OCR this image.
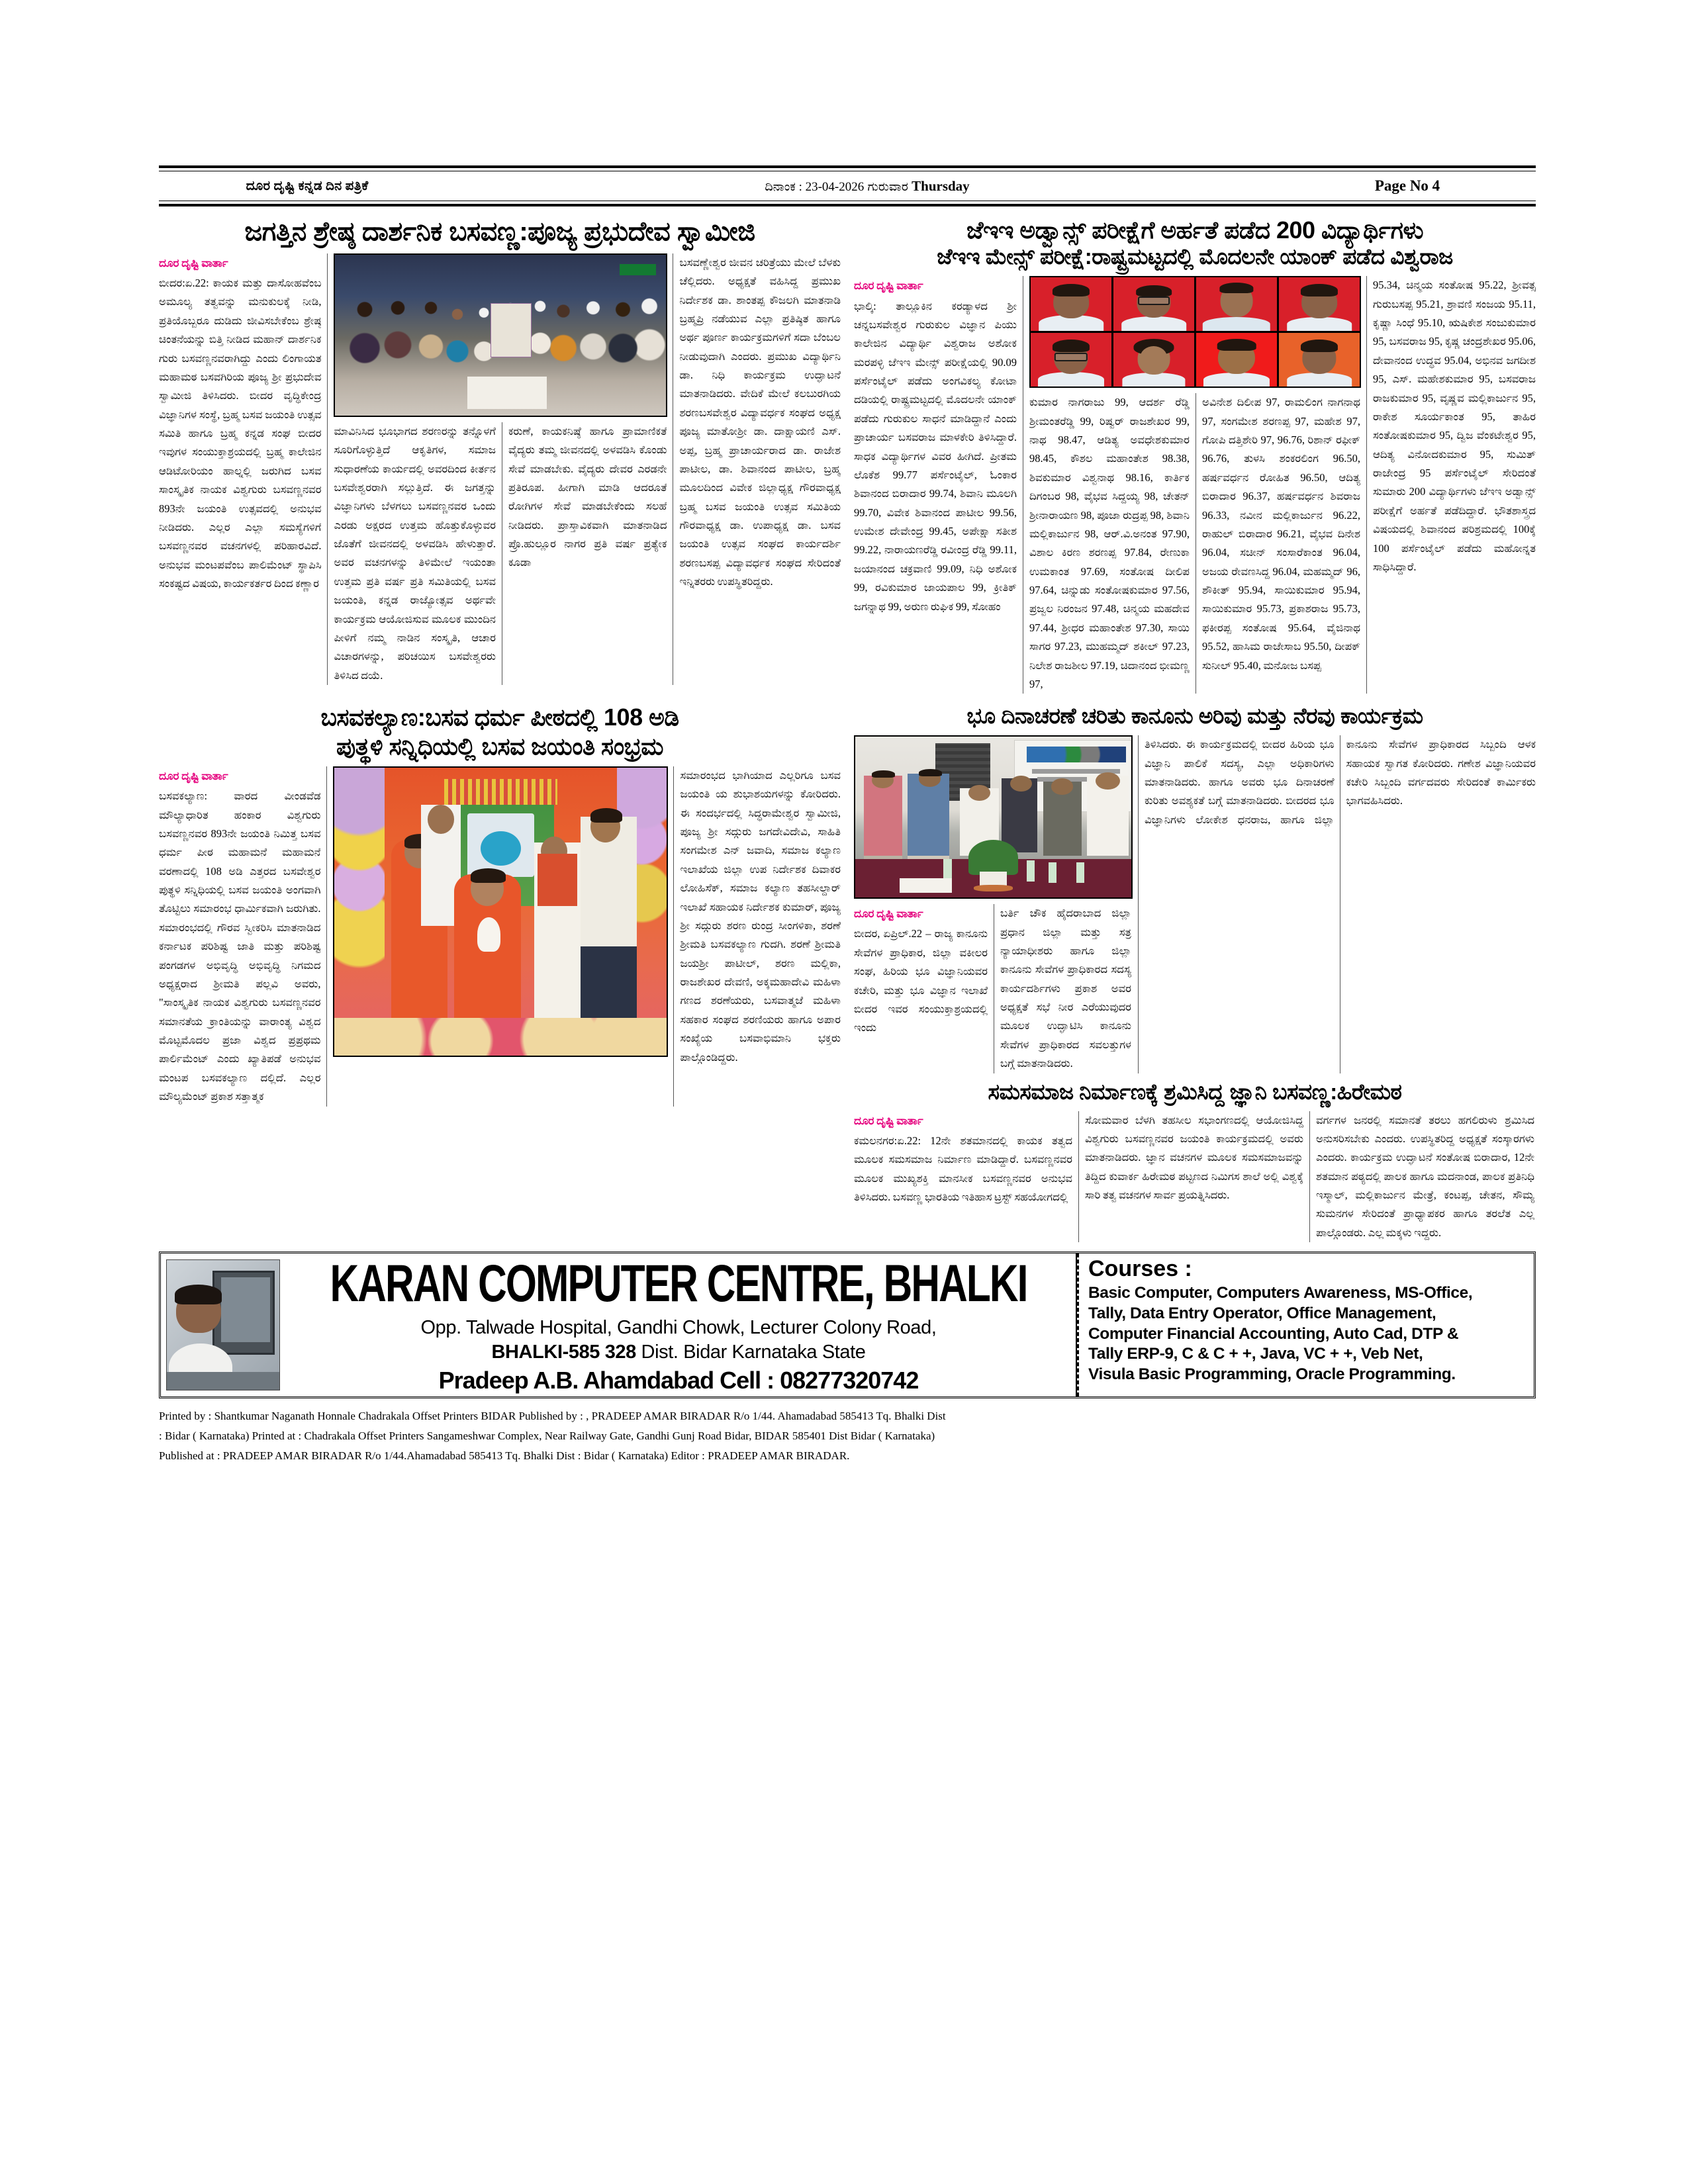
ದೂರ ದೃಷ್ಟಿ ಕನ್ನಡ ದಿನ ಪತ್ರಿಕೆ	ದಿನಾಂಕ : 23-04-2026 ಗುರುವಾರ Thursday	Page No 4
ಜಗತ್ತಿನ ಶ್ರೇಷ್ಠ ದಾರ್ಶನಿಕ ಬಸವಣ್ಣ:ಪೂಜ್ಯ ಪ್ರಭುದೇವ ಸ್ವಾಮೀಜಿ
ದೂರ ದೃಷ್ಟಿ ವಾರ್ತಾ
ಬೀದರ:ಏ.22: ಕಾಯಕ ಮತ್ತು ದಾಸೋಹವೆಂಬ ಅಮೂಲ್ಯ ತತ್ವವನ್ನು ಮನುಕುಲಕ್ಕೆ ನೀಡಿ, ಪ್ರತಿಯೊಬ್ಬರೂ ದುಡಿದು ಜೀವಿಸಬೇಕೆಂಬ ಶ್ರೇಷ್ಠ ಚಿಂತನೆಯನ್ನು ಬಿತ್ತಿ ನೀಡಿದ ಮಹಾನ್ ದಾರ್ಶನಿಕ ಗುರು ಬಸವಣ್ಣನವರಾಗಿದ್ದು ಎಂದು ಲಿಂಗಾಯತ ಮಹಾಮಠ ಬಸವಗಿರಿಯ ಪೂಜ್ಯ ಶ್ರೀ ಪ್ರಭುದೇವ ಸ್ವಾಮೀಜಿ ತಿಳಿಸಿದರು. ಬೀದರ ವೃದ್ಧಿಕೇಂದ್ರ ವಿಜ್ಞಾನಿಗಳ ಸಂಸ್ಥೆ, ಬ್ರಹ್ಮ ಬಸವ ಜಯಂತಿ ಉತ್ಸವ ಸಮಿತಿ ಹಾಗೂ ಬ್ರಹ್ಮ ಕನ್ನಡ ಸಂಘ ಬೀದರ ಇವುಗಳ ಸಂಯುಕ್ತಾಶ್ರಯದಲ್ಲಿ ಬ್ರಹ್ಮ ಕಾಲೇಜಿನ ಆಡಿಟೋರಿಯಂ ಹಾಲ್ನಲ್ಲಿ ಜರುಗಿದ ಬಸವ ಸಾಂಸ್ಕೃತಿಕ ನಾಯಕ ವಿಶ್ವಗುರು ಬಸವಣ್ಣನವರ 893ನೇ ಜಯಂತಿ ಉತ್ಸವದಲ್ಲಿ ಅನುಭವ ನೀಡಿದರು. ಎಲ್ಲರ ಎಲ್ಲಾ ಸಮಸ್ಯೆಗಳಿಗೆ ಬಸವಣ್ಣನವರ ವಚನಗಳಲ್ಲಿ ಪರಿಹಾರವಿದೆ. ಅನುಭವ ಮಂಟಪವೆಂಬ ಪಾಲಿಮೆಂಟ್ ಸ್ಥಾಪಿಸಿ ಸಂಕಷ್ಟದ ವಿಷಯ, ಕಾರ್ಯಕರ್ತರ ದಿಂದ ಕಣ್ಣಾರ
ಮಾವಿನಿಸಿದ ಭೂಭಾಗದ ಶರಣರನ್ನು ತನ್ನೊಳಗೆ ಸೂರಿಗೊಳ್ಳುತ್ತಿದೆ ಆಕೃತಿಗಳ, ಸಮಾಜ ಸುಧಾರಣೆಯ ಕಾರ್ಯದಲ್ಲಿ ಅವರದಿಂದ ಕೀರ್ತನ ಬಸವೇಶ್ವರರಾಗಿ ಸಲ್ಲುತ್ತಿದೆ. ಈ ಜಗತ್ತನ್ನು ವಿಜ್ಞಾನಿಗಳು ಬೆಳಗಲು ಬಸವಣ್ಣನವರ ಒಂದು ಎರಡು ಅಕ್ಷರದ ಉತ್ತಮ ಹೊತ್ತುಕೊಳ್ಳುವರ ಜೊತೆಗೆ ಜೀವನದಲ್ಲಿ ಅಳವಡಿಸಿ ಹೇಳುತ್ತಾರೆ. ಅವರ ವಚನಗಳನ್ನು ತಿಳಿಮೇಲೆ ಇಯಂತಾ ಉತ್ತಮ ಪ್ರತಿ ವರ್ಷ ಪ್ರತಿ ಸಮಿತಿಯಲ್ಲಿ ಬಸವ ಜಯಂತಿ, ಕನ್ನಡ ರಾಜ್ಯೋತ್ಸವ ಅರ್ಥವೇ ಕಾರ್ಯಕ್ರಮ ಆಯೋಜಿಸುವ ಮೂಲಕ ಮುಂದಿನ ಪೀಳಿಗೆ ನಮ್ಮ ನಾಡಿನ ಸಂಸ್ಕೃತಿ, ಆಚಾರ ವಿಚಾರಗಳನ್ನು, ಪರಿಚಯಿಸ ಬಸವೇಶ್ವರರು ತಿಳಿಸಿದ ದಯೆ.
ಕರುಣೆ, ಕಾಯಕನಿಷ್ಠೆ ಹಾಗೂ ಪ್ರಾಮಾಣಿಕತೆ ವೈದ್ಯರು ತಮ್ಮ ಜೀವನದಲ್ಲಿ ಅಳವಡಿಸಿ ಕೊಂಡು ಸೇವೆ ಮಾಡಬೇಕು. ವೈದ್ಯರು ದೇವರ ಎರಡನೇ ಪ್ರತಿರೂಪ. ಹೀಗಾಗಿ ಮಾಡಿ ಆದರೂತೆ ರೋಗಿಗಳ ಸೇವೆ ಮಾಡಬೇಕೆಂದು ಸಲಹೆ ನೀಡಿದರು. ಪ್ರಾಸ್ತಾವಿಕವಾಗಿ ಮಾತನಾಡಿದ ಪ್ರೊ.ಹುಲ್ಲೂರ ನಾಗರ ಪ್ರತಿ ವರ್ಷ ಪ್ರತ್ಯೇಕ ಕೂಡಾ
ಬಸವಣ್ಣೇಶ್ವರ ಜೀವನ ಚರಿತ್ರೆಯು ಮೇಲೆ ಬೆಳಕು ಚೆಲ್ಲಿದರು. ಅಧ್ಯಕ್ಷತೆ ವಹಿಸಿದ್ದ ಪ್ರಮುಖ ನಿರ್ದೇಶಕ ಡಾ. ಶಾಂತಪ್ಪ ಕೌಜಲಗಿ ಮಾತನಾಡಿ ಬ್ರಹ್ಮಪ್ರಿ ನಡೆಯುವ ಎಲ್ಲಾ ಪ್ರತಿಷ್ಠಿತ ಹಾಗೂ ಅರ್ಥ ಪೂರ್ಣ ಕಾರ್ಯಕ್ರಮಗಳಿಗೆ ಸದಾ ಬೆಂಬಲ ನೀಡುವುದಾಗಿ ಎಂದರು. ಪ್ರಮುಖ ವಿದ್ಯಾರ್ಥಿನಿ ಡಾ. ನಿಧಿ ಕಾರ್ಯಕ್ರಮ ಉದ್ಘಾಟನೆ ಮಾತನಾಡಿದರು. ವೇದಿಕೆ ಮೇಲೆ ಕಲಬುರಗಿಯ ಶರಣಬಸವೇಶ್ವರ ವಿದ್ಯಾವರ್ಧಕ ಸಂಘದ ಅಧ್ಯಕ್ಷ ಪೂಜ್ಯ ಮಾತೋಶ್ರೀ ಡಾ. ದಾಕ್ಷಾಯಣಿ ಎಸ್. ಅಪ್ಪ, ಬ್ರಹ್ಮ ಪ್ರಾಚಾರ್ಯರಾದ ಡಾ. ರಾಜೇಶ ಪಾಟೀಲ, ಡಾ. ಶಿವಾನಂದ ಪಾಟೀಲ, ಬ್ರಹ್ಮ ಮೂಲದಿಂದ ವಿವೇಕ ಜಿಲ್ಲಾಧ್ಯಕ್ಷ ಗೌರವಾಧ್ಯಕ್ಷ ಬ್ರಹ್ಮ ಬಸವ ಜಯಂತಿ ಉತ್ಸವ ಸಮಿತಿಯ ಗೌರವಾಧ್ಯಕ್ಷ ಡಾ. ಉಪಾಧ್ಯಕ್ಷ ಡಾ. ಬಸವ ಜಯಂತಿ ಉತ್ಸವ ಸಂಘದ ಕಾರ್ಯದರ್ಶಿ ಶರಣಬಸಪ್ಪ ವಿದ್ಯಾವರ್ಧಕ ಸಂಘದ ಸೇರಿದಂತೆ ಇನ್ನಿತರರು ಉಪಸ್ಥಿತರಿದ್ದರು.
ಜೆಇಇ ಅಡ್ವಾನ್ಸ್ ಪರೀಕ್ಷೆಗೆ ಅರ್ಹತೆ ಪಡೆದ 200 ವಿದ್ಯಾರ್ಥಿಗಳು
ಜೆಇಇ ಮೇನ್ಸ್ ಪರೀಕ್ಷೆ:ರಾಷ್ಟ್ರಮಟ್ಟದಲ್ಲಿ ಮೊದಲನೇ ಯಾಂಕ್ ಪಡೆದ ವಿಶ್ವರಾಜ
ದೂರ ದೃಷ್ಟಿ ವಾರ್ತಾ
ಭಾಲ್ಕಿ: ತಾಲ್ಲೂಕಿನ ಕರಡ್ಯಾಳದ ಶ್ರೀ ಚನ್ನಬಸವೇಶ್ವರ ಗುರುಕುಲ ವಿಜ್ಞಾನ ಪಿಯು ಕಾಲೇಜಿನ ವಿದ್ಯಾರ್ಥಿ ವಿಶ್ವರಾಜ ಅಶೋಕ ಮರಪಳ್ಳಿ ಜೆಇಇ ಮೇನ್ಸ್ ಪರೀಕ್ಷೆಯಲ್ಲಿ 90.09 ಪರ್ಸೆಂಟೈಲ್ ಪಡೆದು ಅಂಗವಿಕಲ್ಯ ಕೋಟಾ ದಡಿಯಲ್ಲಿ ರಾಷ್ಟ್ರಮಟ್ಟದಲ್ಲಿ ಮೊದಲನೇ ಯಾಂಕ್ ಪಡೆದು ಗುರುಕುಲ ಸಾಧನೆ ಮಾಡಿದ್ದಾನೆ ಎಂದು ಪ್ರಾಚಾರ್ಯ ಬಸವರಾಜ ಮಾಳಕೇರಿ ತಿಳಿಸಿದ್ದಾರೆ. ಸಾಧಕ ವಿದ್ಯಾರ್ಥಿಗಳ ವಿವರ ಹೀಗಿದೆ. ಪ್ರೀತಮ ಲೊಕೆಶ 99.77 ಪರ್ಸೆಂಟೈಲ್, ಓಂಕಾರ ಶಿವಾನಂದ ಬಿರಾದಾರ 99.74, ಶಿವಾನಿ ಮೂಲಗಿ 99.70, ವಿವೇಕ ಶಿವಾನಂದ ಪಾಟೀಲ 99.56, ಉಮೇಶ ದೇವೇಂದ್ರ 99.45, ಅಪೇಕ್ಷಾ ಸತೀಶ 99.22, ನಾರಾಯಣರೆಡ್ಡಿ ರವೀಂದ್ರ ರೆಡ್ಡಿ 99.11, ಜಯಾನಂದ ಚಕ್ರವಾಣಿ 99.09, ನಿಧಿ ಅಶೋಕ 99, ರವಿಕುಮಾರ ಜಾಯಪಾಲ 99, ಕ್ರೀತಿಕ್ ಜಗನ್ನಾಥ 99, ಅರುಣ ರುಘಿಕ 99, ಸೋಹಂ
ಕುಮಾರ ನಾಗರಾಜು 99, ಆದರ್ಶ ರೆಡ್ಡಿ ಶ್ರೀಮಂತರೆಡ್ಡಿ 99, ರಿಷ್ವರ್ ರಾಜಶೇಖರ 99, ನಾಥ 98.47, ಆಡಿತ್ಯ ಅವಧೇಶಕುಮಾರ 98.45, ಕೌಶಲ ಮಹಾಂತೇಶ 98.38, ಶಿವಕುಮಾರ ವಿಶ್ವನಾಥ 98.16, ಕಾರ್ತಿಕ ದಿಗಂಬರ 98, ವೈಭವ ಸಿದ್ದಯ್ಯ 98, ಚೇತನ್ ಶ್ರೀನಾರಾಯಣ 98, ಪೂಜಾ ರುದ್ರಪ್ಪ 98, ಶಿವಾನಿ ಮಲ್ಲಿಕಾರ್ಜುನ 98, ಆರ್.ವಿ.ಅನಂತ 97.90, ವಿಶಾಲ ಕಿರಣ ಶರಣಪ್ಪ 97.84, ರೇಣುಕಾ ಉಮಕಾಂತ 97.69, ಸಂತೋಷ ದೀಲಿಪ 97.64, ಚಿನ್ನುಡು ಸಂತೋಷಕುಮಾರ 97.56, ಪ್ರಜ್ವಲ ನಿರಂಜನ 97.48, ಚಿನ್ಮಯ ಮಹದೇವ 97.44, ಶ್ರೀಧರ ಮಹಾಂತೇಶ 97.30, ಸಾಯಿ ಸಾಗರ 97.23, ಮುಹಮ್ಮದ್ ಶಕೀಲ್ 97.23, ನಿಲೇಶ ರಾಜಶೀಲ 97.19, ಚಿದಾನಂದ ಭೀಮಣ್ಣ 97,
ಅವಿನೇಶ ದಿಲೀಪ 97, ರಾಮಲಿಂಗ ನಾಗನಾಥ 97, ಸಂಗಮೇಶ ಶರಣಪ್ಪ 97, ಮಹೇಶ 97, ಗೋಪಿ ದತ್ತಿಶೇರಿ 97, 96.76, ರಿಶಾನ್ ರಫೀಕ್ 96.76, ತುಳಸಿ ಶಂಕರಲಿಂಗ 96.50, ಹರ್ಷವರ್ಧನ ರೋಹಿತ 96.50, ಆದಿತ್ಯ ಬಿರಾದಾರ 96.37, ಹರ್ಷವರ್ಧನ ಶಿವರಾಜ 96.33, ನವೀನ ಮಲ್ಲಿಕಾರ್ಜುನ 96.22, ರಾಹುಲ್ ಬಿರಾದಾರ 96.21, ವೈಭವ ದಿನೇಶ 96.04, ಸಚೀನ್ ಸಂಸಾರೆಕಾಂತ 96.04, ಅಜಯ ರೇವಣಸಿದ್ದ 96.04, ಮಹಮ್ಮದ್ 96, ಶೌಕೀತ್ 95.94, ಸಾಯಿಕುಮಾರ 95.94, ಸಾಯಿಕುಮಾರ 95.73, ಪ್ರಕಾಶರಾಜ 95.73, ಫಕೀರಪ್ಪ ಸಂತೋಷ 95.64, ವೈಜಿನಾಥ 95.52, ಹಾಸಿಮ ರಾಜೇಸಾಬ 95.50, ದೀಪಕ್ ಸುನೀಲ್ 95.40, ಮನೋಜ ಬಸಪ್ಪ
95.34, ಚಿನ್ಮಯ ಸಂತೋಷ 95.22, ಶ್ರೀವತ್ಸ ಗುರುಬಸಪ್ಪ 95.21, ಶ್ರಾವಣಿ ಸಂಜಯ 95.11, ಕೃಷ್ಣಾ ಸಿಂಧೆ 95.10, ಋಷಿಕೇಶ ಸಂಜುಕುಮಾರ 95, ಬಸವರಾಜ 95, ಕೃಷ್ಣ ಚಂದ್ರಶೇಖರ 95.06, ದೇವಾನಂದ ಉದ್ಧವ 95.04, ಅಭಿನವ ಜಗದೀಶ 95, ಎಸ್. ಮಹೇಶಕುಮಾರ 95, ಬಸವರಾಜ ರಾಜಕುಮಾರ 95, ವೃಷ್ಣವ ಮಲ್ಲಿಕಾರ್ಜುನ 95, ರಾಕೇಶ ಸೂರ್ಯಕಾಂತ 95, ತಾಹಿರ ಸಂತೋಷಕುಮಾರ 95, ದ್ವಿಜ ವೆಂಕಟೇಶ್ವರ 95, ಆದಿತ್ಯ ವಿನೋದಕುಮಾರ 95, ಸುಮಿತ್ ರಾಜೇಂದ್ರ 95 ಪರ್ಸೆಂಟೈಲ್ ಸೇರಿದಂತೆ ಸುಮಾರು 200 ವಿದ್ಯಾರ್ಥಿಗಳು ಜೆಇಇ ಅಡ್ವಾನ್ಸ್ ಪರೀಕ್ಷೆಗೆ ಅರ್ಹತೆ ಪಡೆದಿದ್ದಾರೆ. ಭೌತಶಾಸ್ತ್ರದ ವಿಷಯದಲ್ಲಿ ಶಿವಾನಂದ ಪರಿಶ್ರಮದಲ್ಲಿ 100ಕ್ಕೆ 100 ಪರ್ಸೆಂಟೈಲ್ ಪಡೆದು ಮಹೋನ್ನತ ಸಾಧಿಸಿದ್ದಾರೆ.
ಬಸವಕಲ್ಯಾಣ:ಬಸವ ಧರ್ಮ ಪೀಠದಲ್ಲಿ 108 ಅಡಿ
ಪುತ್ಥಳಿ ಸನ್ನಿಧಿಯಲ್ಲಿ ಬಸವ ಜಯಂತಿ ಸಂಭ್ರಮ
ದೂರ ದೃಷ್ಟಿ ವಾರ್ತಾ
ಬಸವಕಲ್ಯಾಣ: ವಾರದ ವೀಂಡವೆಡ ಮೌಲ್ಯಾಧಾರಿತ ಹಂಕಾರ ವಿಶ್ವಗುರು ಬಸವಣ್ಣನವರ 893ನೇ ಜಯಂತಿ ನಿಮಿತ್ತ ಬಸವ ಧರ್ಮ ಪೀಠ ಮಹಾಮನೆ ಮಹಾಮನೆ ವರಣಾದಲ್ಲಿ 108 ಅಡಿ ಎತ್ತರದ ಬಸವೇಶ್ವರ ಪುತ್ಥಳಿ ಸನ್ನಿಧಿಯಲ್ಲಿ ಬಸವ ಜಯಂತಿ ಅಂಗವಾಗಿ ತೊಟ್ಟಿಲು ಸಮಾರಂಭ ಧಾರ್ಮಿಕವಾಗಿ ಜರುಗಿತು. ಸಮಾರಂಭದಲ್ಲಿ ಗೌರವ ಸ್ವೀಕರಿಸಿ ಮಾತನಾಡಿದ ಕರ್ನಾಟಕ ಪರಿಶಿಷ್ಟ ಜಾತಿ ಮತ್ತು ಪರಿಶಿಷ್ಟ ಪಂಗಡಗಳ ಅಭಿವೃದ್ಧಿ ಅಭಿವೃದ್ಧಿ ನಿಗಮದ ಅಧ್ಯಕ್ಷರಾದ ಶ್ರೀಮತಿ ಪಲ್ಲವಿ ಅವರು, "ಸಾಂಸ್ಕೃತಿಕ ನಾಯಕ ವಿಶ್ವಗುರು ಬಸವಣ್ಣನವರ ಸಮಾನತೆಯ ಕ್ರಾಂತಿಯನ್ನು ವಾರಾಂತ್ಯ ವಿಶ್ವದ ಮೊಟ್ಟಮೊದಲ ಪ್ರಜಾ ವಿಶ್ವದ ಪ್ರಪ್ರಥಮ ಪಾರ್ಲಿಮೆಂಟ್ ಎಂದು ಖ್ಯಾತಿಪಡೆ ಅನುಭವ ಮಂಟಪ ಬಸವಕಲ್ಯಾಣ ದಲ್ಲಿದೆ. ಎಲ್ಲರ ಮೌಲ್ಯಮೆಂಟ್ ಪ್ರಕಾಶ ಸತ್ತಾತ್ಮಕ
ಸಮಾರಂಭದ ಭಾಗಿಯಾದ ಎಲ್ಲರಿಗೂ ಬಸವ ಜಯಂತಿ ಯ ಶುಭಾಶಯಗಳನ್ನು ಕೋರಿದರು. ಈ ಸಂದರ್ಭದಲ್ಲಿ ಸಿದ್ಧರಾಮೇಶ್ವರ ಸ್ವಾಮೀಜಿ, ಪೂಜ್ಯ ಶ್ರೀ ಸದ್ಗುರು ಜಗದೇವಿದೇವಿ, ಸಾಹಿತಿ ಸಂಗಮೇಶ ಎನ್ ಜವಾದಿ, ಸಮಾಜ ಕಲ್ಯಾಣ ಇಲಾಖೆಯ ಜಿಲ್ಲಾ ಉಪ ನಿರ್ದೇಶಕ ದಿವಾಕರ ಲೋಹಿಸೆಕ್, ಸಮಾಜ ಕಲ್ಯಾಣ ತಹಸೀಲ್ದಾರ್ ಇಲಾಖೆ ಸಹಾಯಕ ನಿರ್ದೇಶಕ ಕುಮಾರ್, ಪೂಜ್ಯ ಶ್ರೀ ಸದ್ಗುರು ಶರಣ ರುಂದ್ರ ಸೀಂಗಳಿಕಾ, ಶರಣೆ ಶ್ರೀಮತಿ ಬಸವಕಲ್ಯಾಣ ಗುದಗಿ. ಶರಣೆ ಶ್ರೀಮತಿ ಜಯಶ್ರೀ ಪಾಟೀಲ್, ಶರಣ ಮಲ್ಲಿಕಾ, ರಾಜಶೇಖರ ದೇವಣಿ, ಅಕ್ಕಮಹಾದೇವಿ ಮಹಿಳಾ ಗಣದ ಶರಣೆಯರು, ಬಸವಾತ್ಮಜೆ ಮಹಿಳಾ ಸಹಕಾರ ಸಂಘದ ಶರಣಿಯರು ಹಾಗೂ ಅಪಾರ ಸಂಖ್ಯೆಯ ಬಸವಾಭಿಮಾನಿ ಭಕ್ತರು ಪಾಲ್ಗೊಂಡಿದ್ದರು.
ಭೂ ದಿನಾಚರಣೆ ಚರಿತು ಕಾನೂನು ಅರಿವು ಮತ್ತು ನೆರವು ಕಾರ್ಯಕ್ರಮ
ದೂರ ದೃಷ್ಟಿ ವಾರ್ತಾ
ಬೀದರ, ಏಪ್ರಿಲ್.22 – ರಾಜ್ಯ ಕಾನೂನು ಸೇವೆಗಳ ಪ್ರಾಧಿಕಾರ, ಜಿಲ್ಲಾ ವಕೀಲರ ಸಂಘ, ಹಿರಿಯ ಭೂ ವಿಜ್ಞಾನಿಯವರ ಕಚೇರಿ, ಮತ್ತು ಭೂ ವಿಜ್ಞಾನ ಇಲಾಖೆ ಬೀದರ ಇವರ ಸಂಯುಕ್ತಾಶ್ರಯದಲ್ಲಿ ಇಂದು
ಬರ್ತಿ ಚೌಕ ಹೈದರಾಬಾದ ಜಿಲ್ಲಾ ಪ್ರಧಾನ ಜಿಲ್ಲಾ ಮತ್ತು ಸತ್ರ ನ್ಯಾಯಾಧೀಶರು ಹಾಗೂ ಜಿಲ್ಲಾ ಕಾನೂನು ಸೇವೆಗಳ ಪ್ರಾಧಿಕಾರದ ಸದಸ್ಯ ಕಾರ್ಯದರ್ಶಿಗಳು ಪ್ರಕಾಶ ಅವರ ಅಧ್ಯಕ್ಷತೆ ಸಭೆ ನೀರ ಎರೆಯುವುದರ ಮೂಲಕ ಉದ್ಘಾಟಿಸಿ ಕಾನೂನು ಸೇವೆಗಳ ಪ್ರಾಧಿಕಾರದ ಸವಲತ್ತುಗಳ ಬಗ್ಗೆ ಮಾತನಾಡಿದರು.
ತಿಳಿಸಿದರು. ಈ ಕಾರ್ಯಕ್ರಮದಲ್ಲಿ ಬೀದರ ಹಿರಿಯ ಭೂ ವಿಜ್ಞಾನಿ ಪಾಲಿಕೆ ಸದಸ್ಯ, ಎಲ್ಲಾ ಅಧಿಕಾರಿಗಳು ಮಾತನಾಡಿದರು. ಹಾಗೂ ಅವರು ಭೂ ದಿನಾಚರಣೆ ಕುರಿತು ಅವಶ್ಯಕತೆ ಬಗ್ಗೆ ಮಾತನಾಡಿದರು. ಬೀದರದ ಭೂ ವಿಜ್ಞಾನಿಗಳು ಲೋಕೇಶ ಧನರಾಜ, ಹಾಗೂ ಜಿಲ್ಲಾ ಕಾನೂನು ಸೇವೆಗಳ ಪ್ರಾಧಿಕಾರದ ಸಿಬ್ಬಂದಿ ಆಳಕ ಸಹಾಯಕ ಸ್ವಾಗತ ಕೋರಿದರು. ಗಣೇಶ ವಿಜ್ಞಾನಿಯವರ ಕಚೇರಿ ಸಿಬ್ಬಂದಿ ವರ್ಗದವರು ಸೇರಿದಂತೆ ಕಾರ್ಮಿಕರು ಭಾಗವಹಿಸಿದರು.
ಸಮಸಮಾಜ ನಿರ್ಮಾಣಕ್ಕೆ ಶ್ರಮಿಸಿದ್ದ ಜ್ಞಾನಿ ಬಸವಣ್ಣ:ಹಿರೇಮಠ
ದೂರ ದೃಷ್ಟಿ ವಾರ್ತಾ
ಕಮಲನಗರ:ಏ.22: 12ನೇ ಶತಮಾನದಲ್ಲಿ ಕಾಯಕ ತತ್ವದ ಮೂಲಕ ಸಮಸಮಾಜ ನಿರ್ಮಾಣ ಮಾಡಿದ್ದಾರೆ. ಬಸವಣ್ಣನವರ ಮೂಲಕ ಮುಖ್ಯಶಕ್ತಿ ಮಾನಸೀಕ ಬಸವಣ್ಣನವರ ಅನುಭವ ತಿಳಿಸಿದರು. ಬಸವಣ್ಣ ಭಾರತಿಯ ಇತಿಹಾಸ ಟ್ರಸ್ಟ್ ಸಹಯೋಗದಲ್ಲಿ
ಸೋಮವಾರ ಬೆಳಗಿ ತಹಸೀಲ ಸಭಾಂಗಣದಲ್ಲಿ ಆಯೋಜಿಸಿದ್ದ ವಿಶ್ವಗುರು ಬಸವಣ್ಣನವರ ಜಯಂತಿ ಕಾರ್ಯಕ್ರಮದಲ್ಲಿ ಅವರು ಮಾತನಾಡಿದರು. ಜ್ಞಾನ ವಚನಗಳ ಮೂಲಕ ಸಮಸಮಾಜವನ್ನು ತಿದ್ದಿದ ಕುವಾರ್ಕ ಹಿರೇಮಠ ಪಟ್ಟಣದ ನಿಮಿಗಸ ಶಾಲೆ ಅಲ್ಲಿ ವಿಶ್ವಕ್ಕೆ ಸಾರಿ ತತ್ವ ವಚನಗಳ ಸಾರ್ವ ಪ್ರಯತ್ನಿಸಿದರು.
ವರ್ಗಗಳ ಜನರಲ್ಲಿ ಸಮಾನತೆ ತರಲು ಹಗಲಿರುಳು ಶ್ರಮಿಸಿದ ಅನುಸರಿಸಬೇಕು ಎಂದರು. ಉಪಸ್ಥಿತರಿದ್ದ ಅಧ್ಯಕ್ಷತೆ ಸಂಸ್ಕಾರಗಳು ಎಂದರು. ಕಾರ್ಯಕ್ರಮ ಉದ್ಘಾಟನೆ ಸಂತೋಷ ಬಿರಾದಾರ, 12ನೇ ಶತಮಾನ ಪಠ್ಯದಲ್ಲಿ ಪಾಲಕ ಹಾಗೂ ಮದನಾಂಡ, ಪಾಲಕ ಪ್ರತಿನಿಧಿ ಇಸ್ಮಾಲ್, ಮಲ್ಲಿಕಾರ್ಜುನ ಮೇತ್ರೆ, ಕಂಟಪ್ಪ, ಚೇತನ, ಸೌಮ್ಯ ಸುಮನಗಳ ಸೇರಿದಂತೆ ಪ್ರಾಧ್ಯಾಪಕರ ಹಾಗೂ ತರಲೆತ ಎಲ್ಲ ಪಾಲ್ಗೊಂಡರು. ಎಲ್ಲ ಮಕ್ಕಳು ಇದ್ದರು.
KARAN COMPUTER CENTRE, BHALKI
Opp. Talwade Hospital, Gandhi Chowk, Lecturer Colony Road,
BHALKI-585 328 Dist. Bidar Karnataka State
Pradeep A.B. Ahamdabad Cell : 08277320742
Courses :
Basic Computer, Computers Awareness, MS-Office,
Tally, Data Entry Operator, Office Management,
Computer Financial Accounting, Auto Cad, DTP &
Tally ERP-9, C & C + +, Java, VC + +, Veb Net,
Visula Basic Programming, Oracle Programming.
Printed by : Shantkumar Naganath Honnale Chadrakala Offset Printers BIDAR Published by : , PRADEEP AMAR BIRADAR R/o 1/44. Ahamadabad 585413 Tq. Bhalki Dist
: Bidar ( Karnataka) Printed at : Chadrakala Offset Printers Sangameshwar Complex, Near Railway Gate, Gandhi Gunj Road Bidar, BIDAR 585401 Dist Bidar ( Karnataka)
Published at : PRADEEP AMAR BIRADAR R/o 1/44.Ahamadabad 585413 Tq. Bhalki Dist : Bidar ( Karnataka) Editor : PRADEEP AMAR BIRADAR.
